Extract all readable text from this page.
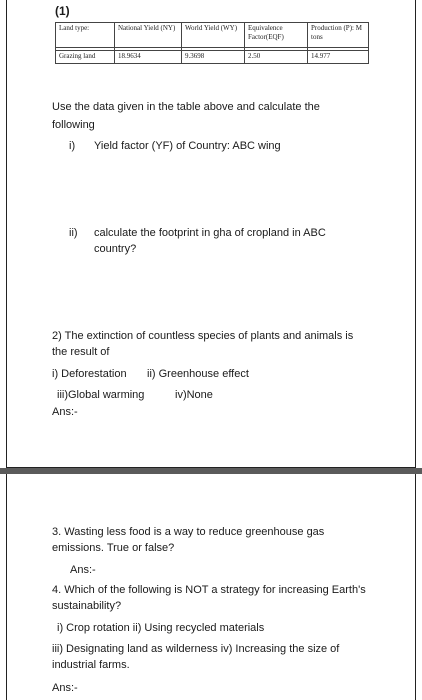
(1)
Land type:	National Yield (NY)	World Yield (WY)	Equivalence Factor(EQF)	Production (P): M tons

Grazing land	18.9634	9.3698	2.50	14.977
Use the data given in the table above and calculate the
following
i) Yield factor (YF) of Country: ABC wing
ii) calculate the footprint in gha of cropland in ABC
country?
2) The extinction of countless species of plants and animals is
the result of
i) Deforestation ii) Greenhouse effect
iii)Global warming	iv)None
Ans:-
3. Wasting less food is a way to reduce greenhouse gas
emissions. True or false?
Ans:-
4. Which of the following is NOT a strategy for increasing Earth's
sustainability?
i) Crop rotation ii) Using recycled materials
iii) Designating land as wilderness iv) Increasing the size of
industrial farms.
Ans:-
